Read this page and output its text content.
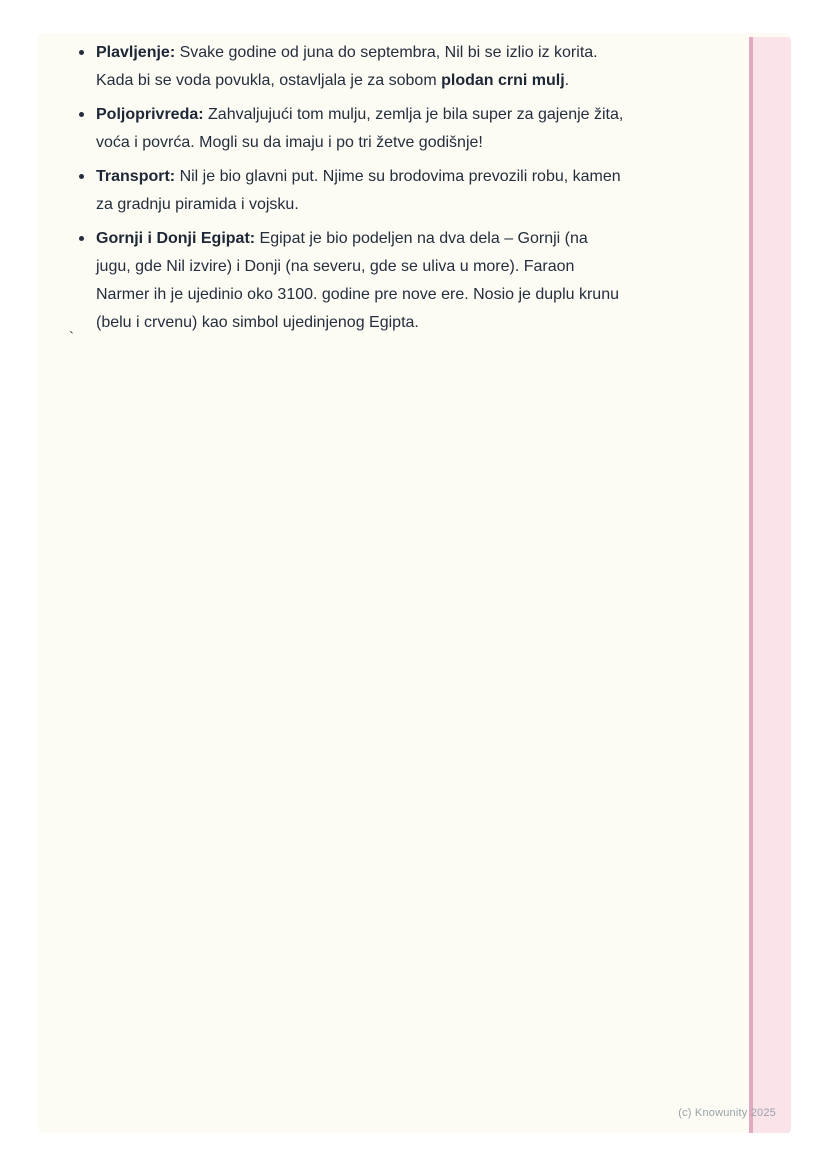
Plavljenje: Svake godine od juna do septembra, Nil bi se izlio iz korita. Kada bi se voda povukla, ostavljala je za sobom plodan crni mulj.
Poljoprivreda: Zahvaljujući tom mulju, zemlja je bila super za gajenje žita, voća i povrća. Mogli su da imaju i po tri žetve godišnje!
Transport: Nil je bio glavni put. Njime su brodovima prevozili robu, kamen za gradnju piramida i vojsku.
Gornji i Donji Egipat: Egipat je bio podeljen na dva dela – Gornji (na jugu, gde Nil izvire) i Donji (na severu, gde se uliva u more). Faraon Narmer ih je ujedinio oko 3100. godine pre nove ere. Nosio je duplu krunu (belu i crvenu) kao simbol ujedinjenog Egipta.
`
(c) Knowunity 2025
